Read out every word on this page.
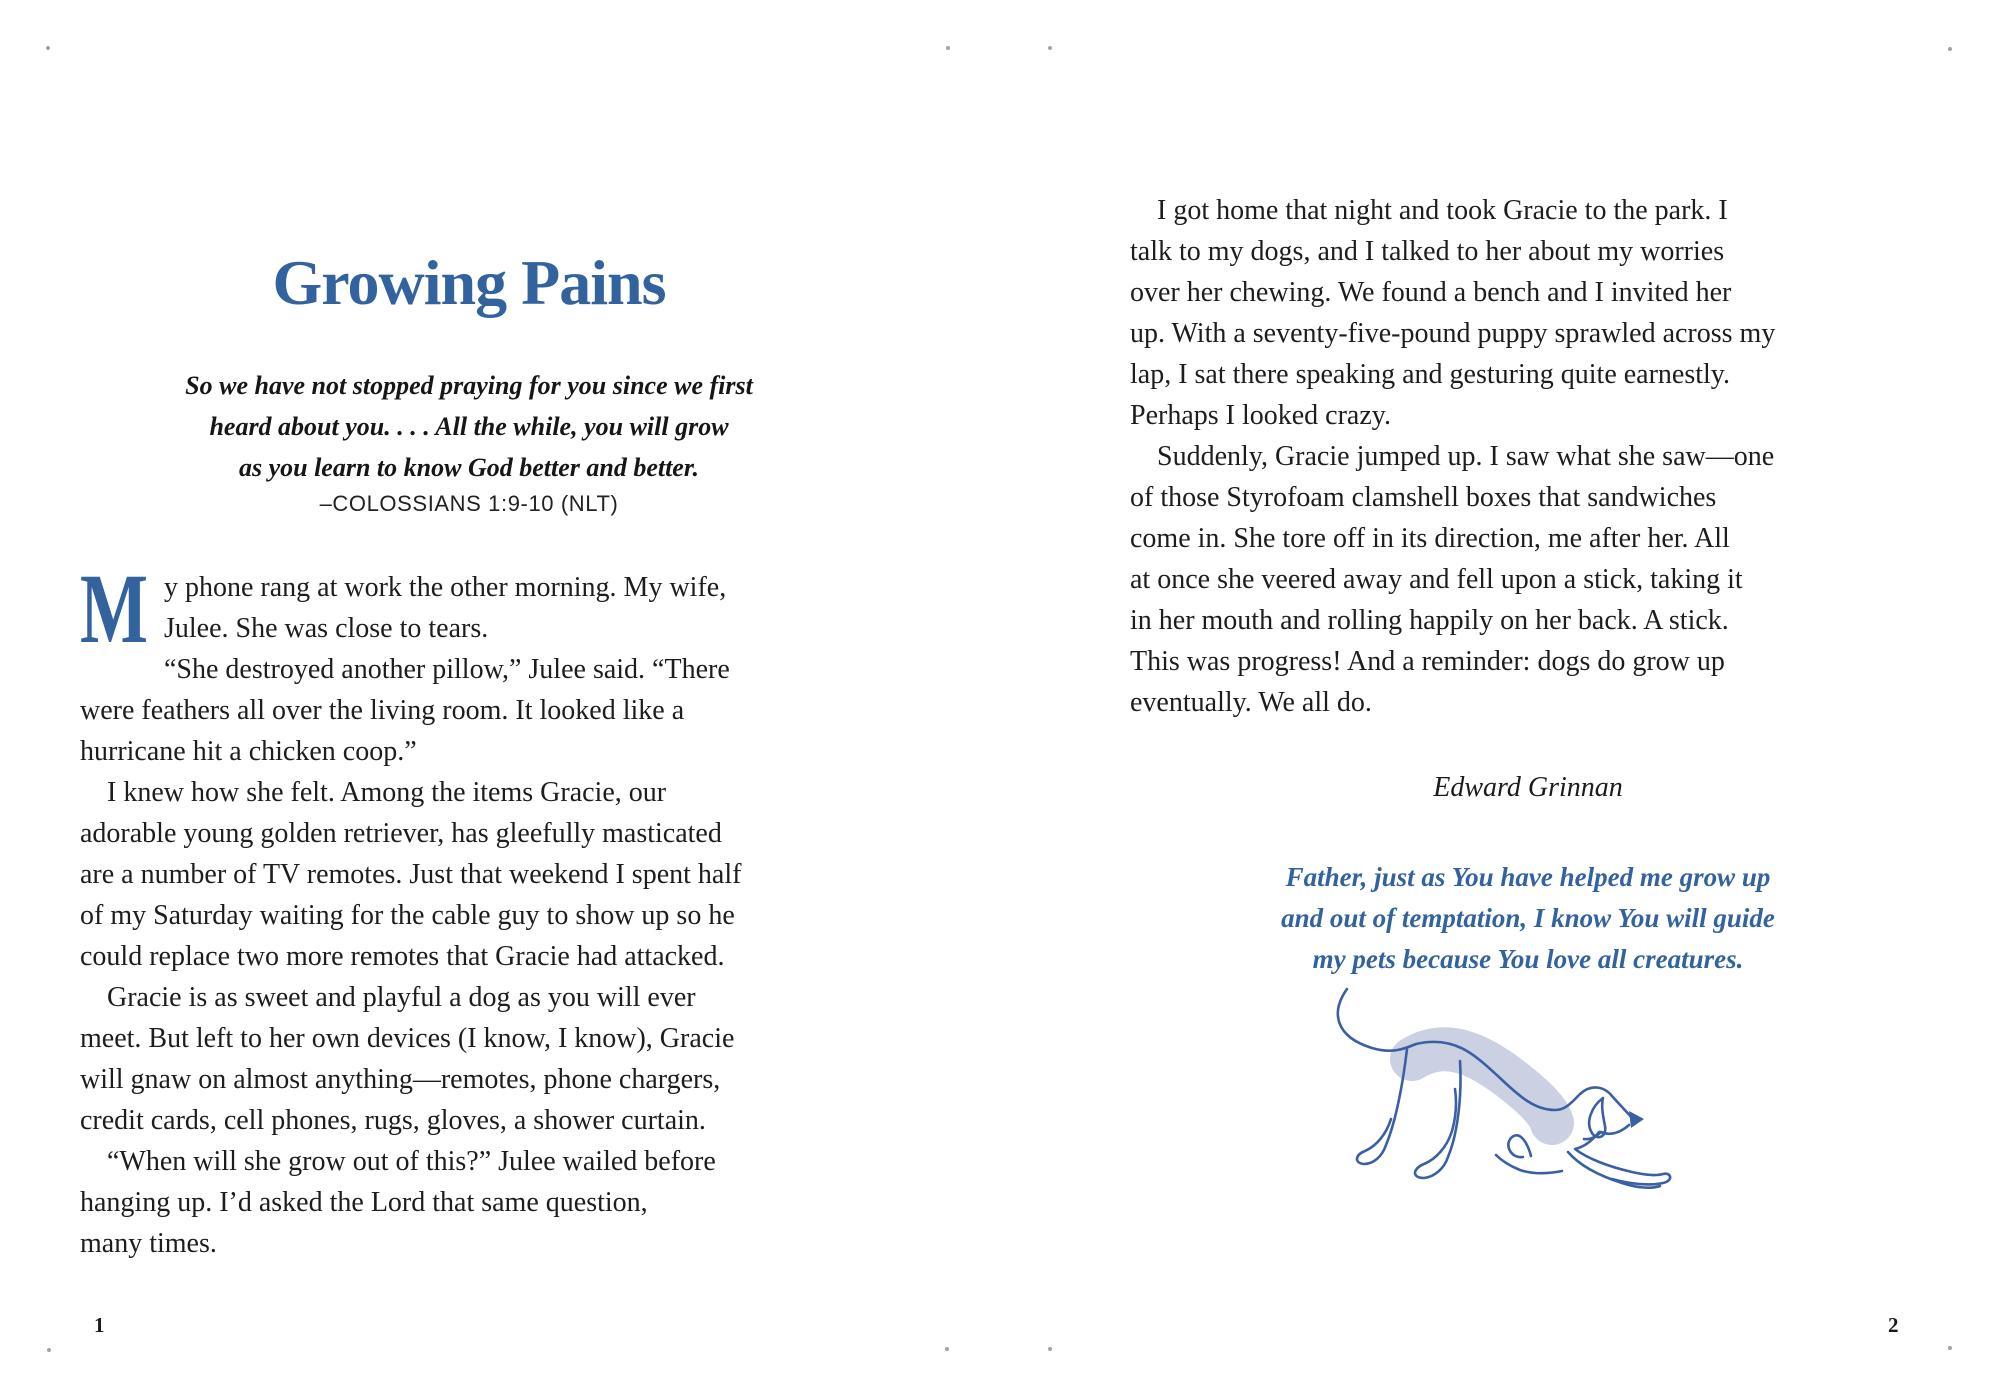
Growing Pains
So we have not stopped praying for you since we first
heard about you. . . . All the while, you will grow
as you learn to know God better and better.
–COLOSSIANS 1:9-10 (NLT)
M y phone rang at work the other morning. My wife,
Julee. She was close to tears.
“She destroyed another pillow,” Julee said. “There
were feathers all over the living room. It looked like a
hurricane hit a chicken coop.”
I knew how she felt. Among the items Gracie, our
adorable young golden retriever, has gleefully masticated
are a number of TV remotes. Just that weekend I spent half
of my Saturday waiting for the cable guy to show up so he
could replace two more remotes that Gracie had attacked.
Gracie is as sweet and playful a dog as you will ever
meet. But left to her own devices (I know, I know), Gracie
will gnaw on almost anything—remotes, phone chargers,
credit cards, cell phones, rugs, gloves, a shower curtain.
“When will she grow out of this?” Julee wailed before
hanging up. I’d asked the Lord that same question,
many times.
I got home that night and took Gracie to the park. I
talk to my dogs, and I talked to her about my worries
over her chewing. We found a bench and I invited her
up. With a seventy-five-pound puppy sprawled across my
lap, I sat there speaking and gesturing quite earnestly.
Perhaps I looked crazy.
Suddenly, Gracie jumped up. I saw what she saw—one
of those Styrofoam clamshell boxes that sandwiches
come in. She tore off in its direction, me after her. All
at once she veered away and fell upon a stick, taking it
in her mouth and rolling happily on her back. A stick.
This was progress! And a reminder: dogs do grow up
eventually. We all do.
Edward Grinnan
Father, just as You have helped me grow up
and out of temptation, I know You will guide
my pets because You love all creatures.
1	2
